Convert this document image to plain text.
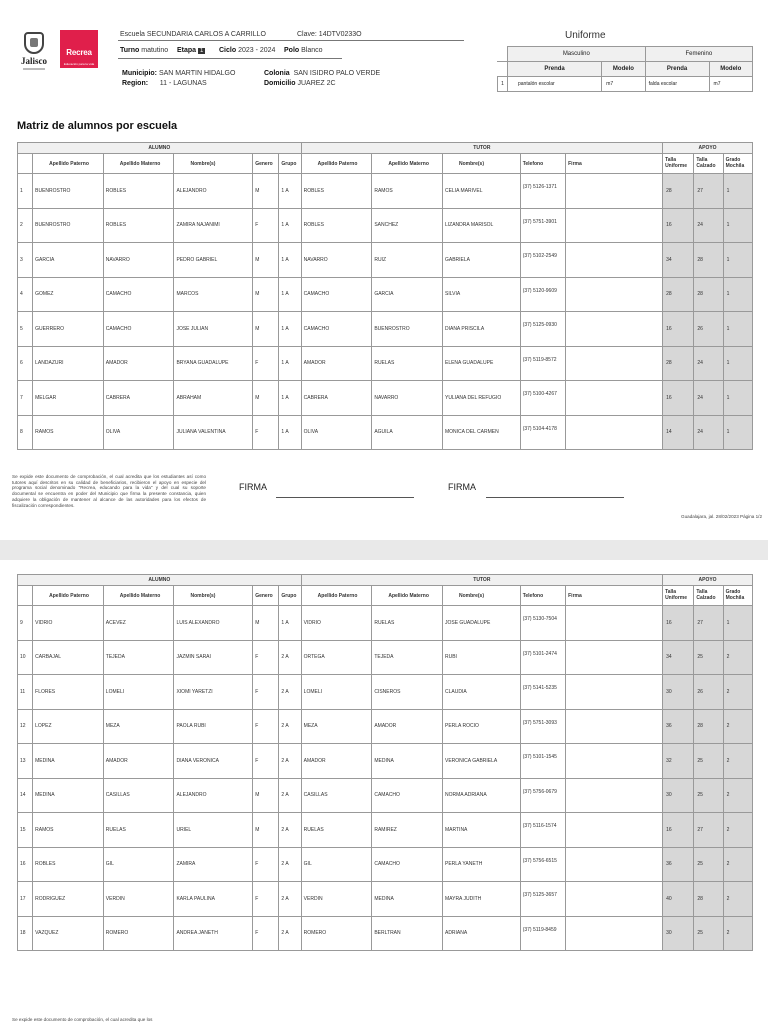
Jalisco
Recrea
Educación para la vida
Escuela SECUNDARIA CARLOS A CARRILLO	Clave: 14DTV0233O
Turno matutino Etapa 1 Ciclo 2023 - 2024 Polo Blanco
Municipio: SAN MARTIN HIDALGO	Colonia SAN ISIDRO PALO VERDE
Region: 11 - LAGUNAS	Domicilio JUAREZ 2C
Uniforme
	Masculino		Femenino	
	Prenda	Modelo	Prenda	Modelo
1	pantalón escolar	m7	falda escolar	m7
Matriz de alumnos por escuela
ALUMNO						TUTOR					APOYO		
	Apellido Paterno	Apellido Materno	Nombre(s)	Genero	Grupo	Apellido Paterno	Apellido Materno	Nombre(s)	Telefono	Firma	Talla Uniforme	Talla Calzado	Grado Mochila
1	BUENROSTRO	ROBLES	ALEJANDRO	M	1 A	ROBLES	RAMOS	CELIA MARIVEL	(37) 5126-1371		28	27	1
2	BUENROSTRO	ROBLES	ZAMIRA NAJANIMI	F	1 A	ROBLES	SANCHEZ	LIZANDRA MARISOL	(37) 5751-3901		16	24	1
3	GARCIA	NAVARRO	PEDRO GABRIEL	M	1 A	NAVARRO	RUIZ	GABRIELA	(37) 5102-2549		34	28	1
4	GOMEZ	CAMACHO	MARCOS	M	1 A	CAMACHO	GARCIA	SILVIA	(37) 5120-9609		28	28	1
5	GUERRERO	CAMACHO	JOSE JULIAN	M	1 A	CAMACHO	BUENROSTRO	DIANA PRISCILA	(37) 5125-0930		16	26	1
6	LANDAZURI	AMADOR	BRYANA GUADALUPE	F	1 A	AMADOR	RUELAS	ELENA GUADALUPE	(37) 5119-8572		28	24	1
7	MELGAR	CABRERA	ABRAHAM	M	1 A	CABRERA	NAVARRO	YULIANA DEL REFUGIO	(37) 5100-4267		16	24	1
8	RAMOS	OLIVA	JULIANA VALENTINA	F	1 A	OLIVA	AGUILA	MONICA DEL CARMEN	(37) 5104-4178		14	24	1
Se expide este documento de comprobación, el cual acredita que los estudiantes así como tutores aquí descritos en su calidad de beneficiarios, recibieron el apoyo en especie del programa social denominado "Recrea, educando para la vida" y del cual su soporte documental se encuentra en poder del Municipio que firma la presente constancia, quien adquiere la obligación de mantener al alcance de las autoridades para los efectos de fiscalización correspondientes.
FIRMA	FIRMA
Guadalajara, jal. 28/02/2023 Página 1/2
ALUMNO						TUTOR					APOYO		
	Apellido Paterno	Apellido Materno	Nombre(s)	Genero	Grupo	Apellido Paterno	Apellido Materno	Nombre(s)	Telefono	Firma	Talla Uniforme	Talla Calzado	Grado Mochila
9	VIDRIO	ACEVEZ	LUIS ALEXANDRO	M	1 A	VIDRIO	RUELAS	JOSE GUADALUPE	(37) 5130-7504		16	27	1
10	CARBAJAL	TEJEDA	JAZMIN SARAI	F	2 A	ORTEGA	TEJEDA	RUBI	(37) 5101-2474		34	25	2
11	FLORES	LOMELI	XIOMI YARETZI	F	2 A	LOMELI	CISNEROS	CLAUDIA	(37) 5141-5235		30	26	2
12	LOPEZ	MEZA	PAOLA RUBI	F	2 A	MEZA	AMADOR	PERLA ROCIO	(37) 5751-3093		36	28	2
13	MEDINA	AMADOR	DIANA VERONICA	F	2 A	AMADOR	MEDINA	VERONICA GABRIELA	(37) 5101-1545		32	25	2
14	MEDINA	CASILLAS	ALEJANDRO	M	2 A	CASILLAS	CAMACHO	NORMA ADRIANA	(37) 5756-0679		30	25	2
15	RAMOS	RUELAS	URIEL	M	2 A	RUELAS	RAMIREZ	MARTINA	(37) 5116-1574		16	27	2
16	ROBLES	GIL	ZAMIRA	F	2 A	GIL	CAMACHO	PERLA YANETH	(37) 5756-6515		36	25	2
17	RODRIGUEZ	VERDIN	KARLA PAULINA	F	2 A	VERDIN	MEDINA	MAYRA JUDITH	(37) 5125-3657		40	28	2
18	VAZQUEZ	ROMERO	ANDREA JANETH	F	2 A	ROMERO	BERLTRAN	ADRIANA	(37) 5119-8459		30	25	2
Se expide este documento de comprobación, el cual acredita que los
